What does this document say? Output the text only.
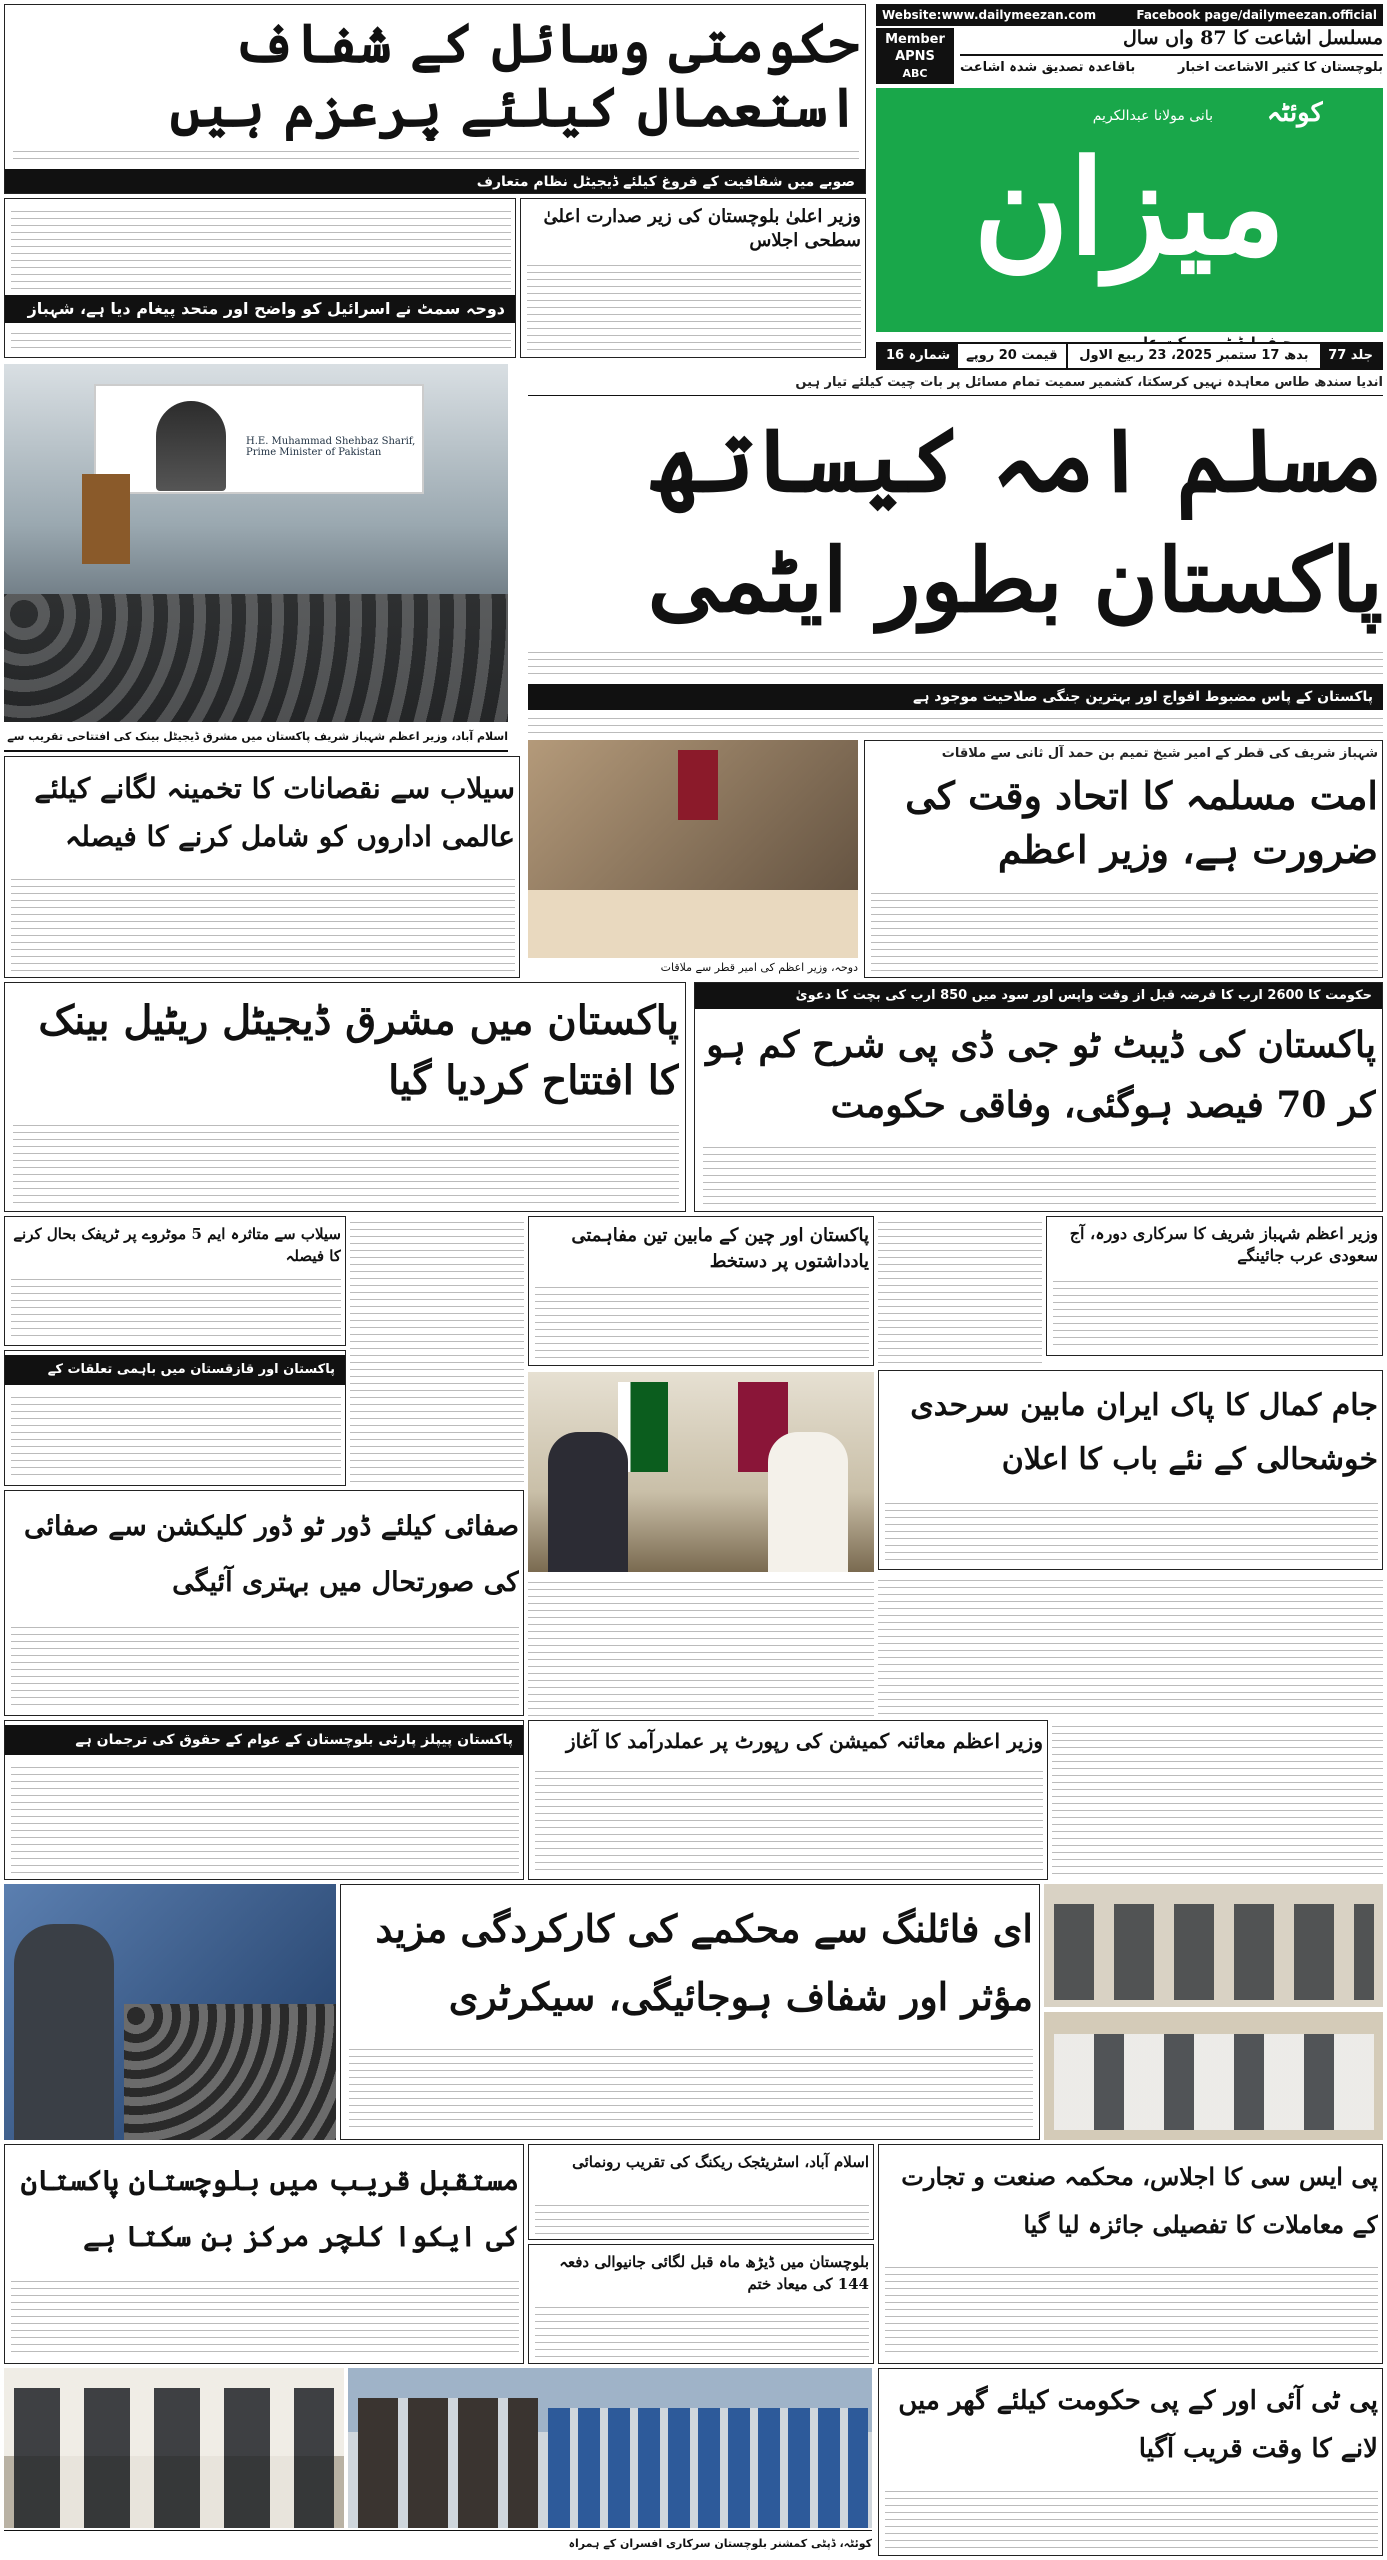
Website:www.dailymeezan.com	Facebook page/dailymeezan.official
Member APNS
ABC
مسلسل اشاعت کا 87 واں سال
بلوچستان کا کثیر الاشاعت اخبار
باقاعدہ تصدیق شدہ اشاعت
کوئٹہ
بانی مولانا عبدالکریم
میزان
جلد 77
بدھ 17 ستمبر 2025، 23 ربیع الاول
قیمت 20 روپے
شمارہ 16
حکومتی وسائل کے شفاف استعمال کیلئے پرعزم ہیں
صوبے میں شفافیت کے فروغ کیلئے ڈیجیٹل نظام متعارف
وزیر اعلیٰ بلوچستان کی زیر صدارت اعلیٰ سطحی اجلاس
دوحہ سمٹ نے اسرائیل کو واضح اور متحد پیغام دیا ہے، شہباز
H.E. Muhammad Shehbaz Sharif, Prime Minister of Pakistan
اسلام آباد، وزیر اعظم شہباز شریف پاکستان میں مشرق ڈیجیٹل بینک کی افتتاحی تقریب سے
اندیا سندھ طاس معاہدہ نہیں کرسکتا، کشمیر سمیت تمام مسائل پر بات چیت کیلئے تیار ہیں
مسلم امہ کیساتھ
پاکستان بطور ایٹمی
پاکستان کے پاس مضبوط افواج اور بہترین جنگی صلاحیت موجود ہے
دوحہ، وزیر اعظم کی امیر قطر سے ملاقات
شہباز شریف کی قطر کے امیر شیخ تمیم بن حمد آل ثانی سے ملاقات
امت مسلمہ کا اتحاد وقت کی ضرورت ہے، وزیر اعظم
سیلاب سے نقصانات کا تخمینہ لگانے کیلئے عالمی اداروں کو شامل کرنے کا فیصلہ
پاکستان میں مشرق ڈیجیٹل ریٹیل بینک کا افتتاح کردیا گیا
حکومت کا 2600 ارب کا قرضہ قبل از وقت واپس اور سود میں 850 ارب کی بچت کا دعویٰ
پاکستان کی ڈیبٹ ٹو جی ڈی پی شرح کم ہو کر 70 فیصد ہوگئی، وفاقی حکومت
وزیر اعظم شہباز شریف کا سرکاری دورہ، آج سعودی عرب جائینگے
پاکستان اور چین کے مابین تین مفاہمتی یادداشتوں پر دستخط
سیلاب سے متاثرہ ایم 5 موٹروے پر ٹریفک بحال کرنے کا فیصلہ
پاکستان اور قازقستان میں باہمی تعلقات کے
جام کمال کا پاک ایران مابین سرحدی خوشحالی کے نئے باب کا اعلان
صفائی کیلئے ڈور ٹو ڈور کلیکشن سے صفائی کی صورتحال میں بہتری آئیگی
پاکستان پیپلز پارٹی بلوچستان کے عوام کے حقوق کی ترجمان ہے	وزیر اعظم معائنہ کمیشن کی رپورٹ پر عملدرآمد کا آغاز
ای فائلنگ سے محکمے کی کارکردگی مزید مؤثر اور شفاف ہوجائیگی، سیکرٹری
مستقبل قریب میں بلوچستان پاکستان کی ایکوا کلچر مرکز بن سکتا ہے
اسلام آباد، اسٹریٹجک ریکنگ کی تقریب رونمائی
بلوچستان میں ڈیڑھ ماہ قبل لگائی جانیوالی دفعہ 144 کی میعاد ختم
پی ایس سی کا اجلاس، محکمہ صنعت و تجارت کے معاملات کا تفصیلی جائزہ لیا گیا
پی ٹی آئی اور کے پی حکومت کیلئے گھر میں لانے کا وقت قریب آگیا
کوئٹہ، ڈپٹی کمشنر بلوچستان سرکاری افسران کے ہمراہ
